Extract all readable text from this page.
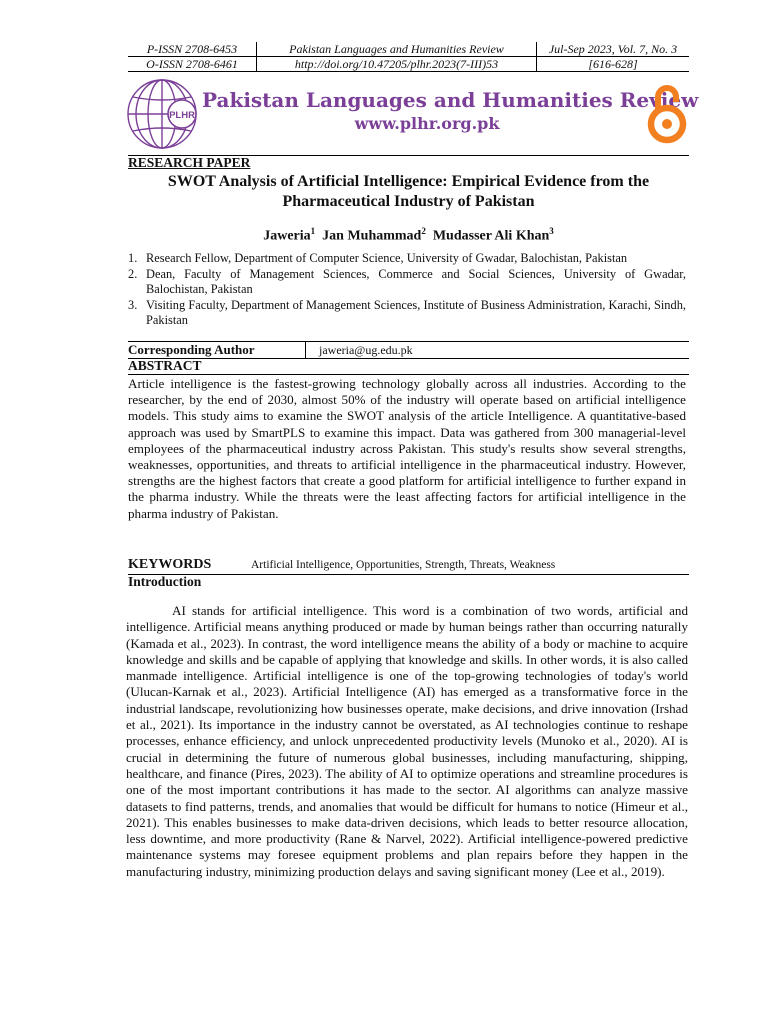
P-ISSN 2708-6453	Pakistan Languages and Humanities Review	Jul-Sep 2023, Vol. 7, No. 3
O-ISSN 2708-6461	http://doi.org/10.47205/plhr.2023(7-III)53	[616-628]
PLHR
Pakistan Languages and Humanities Review
www.plhr.org.pk
RESEARCH PAPER
SWOT Analysis of Artificial Intelligence: Empirical Evidence from the Pharmaceutical Industry of Pakistan
Jaweria$^1$ Jan Muhammad$^2$ Mudasser Ali Khan$^3$
1. Research Fellow, Department of Computer Science, University of Gwadar, Balochistan, Pakistan
2. Dean, Faculty of Management Sciences, Commerce and Social Sciences, University of Gwadar, Balochistan, Pakistan
3. Visiting Faculty, Department of Management Sciences, Institute of Business Administration, Karachi, Sindh, Pakistan
Corresponding Author	jaweria@ug.edu.pk
ABSTRACT
Article intelligence is the fastest-growing technology globally across all industries. According to the researcher, by the end of 2030, almost 50% of the industry will operate based on artificial intelligence models. This study aims to examine the SWOT analysis of the article Intelligence. A quantitative-based approach was used by SmartPLS to examine this impact. Data was gathered from 300 managerial-level employees of the pharmaceutical industry across Pakistan. This study's results show several strengths, weaknesses, opportunities, and threats to artificial intelligence in the pharmaceutical industry. However, strengths are the highest factors that create a good platform for artificial intelligence to further expand in the pharma industry. While the threats were the least affecting factors for artificial intelligence in the pharma industry of Pakistan.
KEYWORDS	Artificial Intelligence, Opportunities, Strength, Threats, Weakness
Introduction
AI stands for artificial intelligence. This word is a combination of two words, artificial and intelligence. Artificial means anything produced or made by human beings rather than occurring naturally (Kamada et al., 2023). In contrast, the word intelligence means the ability of a body or machine to acquire knowledge and skills and be capable of applying that knowledge and skills. In other words, it is also called manmade intelligence. Artificial intelligence is one of the top-growing technologies of today's world (Ulucan-Karnak et al., 2023). Artificial Intelligence (AI) has emerged as a transformative force in the industrial landscape, revolutionizing how businesses operate, make decisions, and drive innovation (Irshad et al., 2021). Its importance in the industry cannot be overstated, as AI technologies continue to reshape processes, enhance efficiency, and unlock unprecedented productivity levels (Munoko et al., 2020). AI is crucial in determining the future of numerous global businesses, including manufacturing, shipping, healthcare, and finance (Pires, 2023). The ability of AI to optimize operations and streamline procedures is one of the most important contributions it has made to the sector. AI algorithms can analyze massive datasets to find patterns, trends, and anomalies that would be difficult for humans to notice (Himeur et al., 2021). This enables businesses to make data-driven decisions, which leads to better resource allocation, less downtime, and more productivity (Rane & Narvel, 2022). Artificial intelligence-powered predictive maintenance systems may foresee equipment problems and plan repairs before they happen in the manufacturing industry, minimizing production delays and saving significant money (Lee et al., 2019).
